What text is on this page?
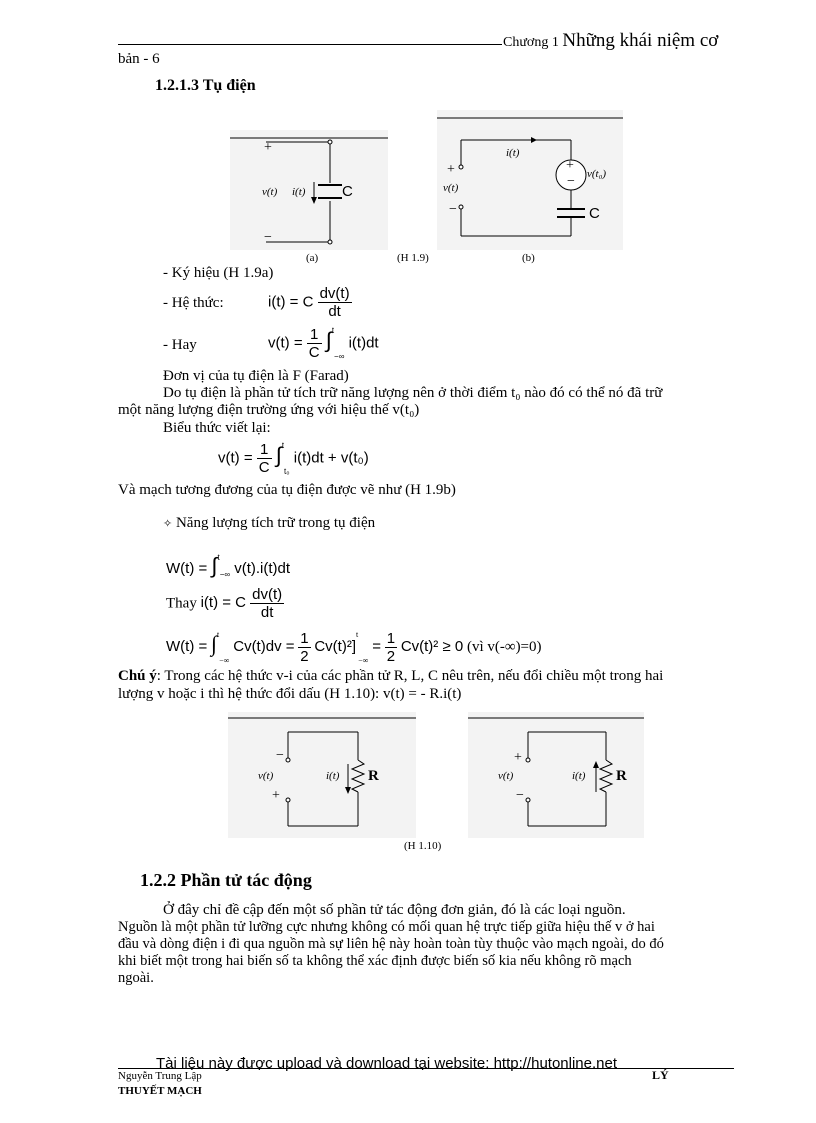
Chương 1 Những khái niệm cơ
bản - 6
1.2.1.3 Tụ điện
+
−
v(t) i(t) C
i(t)
+
v(t)
−
+
− v(t₀)
C
(a)	(H 1.9)	(b)
- Ký hiệu (H 1.9a)
- Hệ thức:	i(t) = C $\frac{dv(t)}{dt}$
- Hay	$v(t) = \frac{1}{C} \int^t-\infty$ i(t)dt
Đơn vị của tụ điện là F (Farad)
Do tụ điện là phần tử tích trữ năng lượng nên ở thời điểm t₀ nào đó có thể nó đã trữ
một năng lượng điện trường ứng với hiệu thế v(t₀)
Biểu thức viết lại:
$v(t) = \frac{1}{C} \int^tt_0$ i(t)dt + v(t₀)
Và mạch tương đương của tụ điện được vẽ như (H 1.9b)
✧ Năng lượng tích trữ trong tụ điện
W(t) = ∫$^t$−∞ v(t).i(t)dt
Thay i(t) = C $\frac{dv(t)}{dt}$
W(t) = ∫$^t$−∞ $Cv(t)dv = \frac{1}{2} Cv(t)^2]^t-\infty = \frac{1}{2} Cv(t)^2 \ge 0$ (vì v(-∞)=0)
Chú ý: Trong các hệ thức v-i của các phần tử R, L, C nêu trên, nếu đổi chiều một trong hai
lượng v hoặc i thì hệ thức đổi dấu (H 1.10): v(t) = - R.i(t)
−
v(t)
+
i(t) R
+
v(t)
−
i(t) R
(H 1.10)
1.2.2 Phần tử tác động
Ở đây chỉ đề cập đến một số phần tử tác động đơn giản, đó là các loại nguồn.
Nguồn là một phần tử lưỡng cực nhưng không có mối quan hệ trực tiếp giữa hiệu thế v ở hai
đầu và dòng điện i đi qua nguồn mà sự liên hệ này hoàn toàn tùy thuộc vào mạch ngoài, do đó
khi biết một trong hai biến số ta không thể xác định được biến số kia nếu không rõ mạch
ngoài.
Tài liệu này được upload và download tại website: http://hutonline.net
Nguyễn Trung Lập	LÝ
THUYẾT MẠCH
